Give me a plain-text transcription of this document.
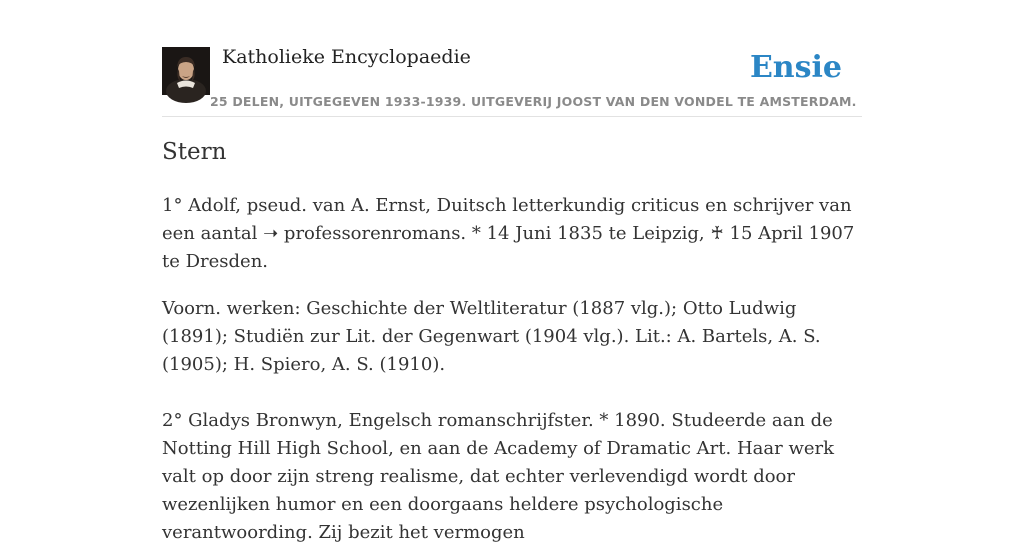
Katholieke Encyclopaedie
25 DELEN, UITGEGEVEN 1933-1939. UITGEVERIJ JOOST VAN DEN VONDEL TE AMSTERDAM.
Ensie
Stern

1° Adolf, pseud. van A. Ernst, Duitsch letterkundig criticus en schrijver van een aantal ➝ professorenromans. * 14 Juni 1835 te Leipzig, ♰ 15 April 1907 te Dresden.

Voorn. werken: Geschichte der Weltliteratur (1887 vlg.); Otto Ludwig (1891); Studiën zur Lit. der Gegenwart (1904 vlg.). Lit.: A. Bartels, A. S. (1905); H. Spiero, A. S. (1910).

2° Gladys Bronwyn, Engelsch romanschrijfster. * 1890. Studeerde aan de Notting Hill High School, en aan de Academy of Dramatic Art. Haar werk valt op door zijn streng realisme, dat echter verlevendigd wordt door wezenlijken humor en een doorgaans heldere psychologische verantwoording. Zij bezit het vermogen
